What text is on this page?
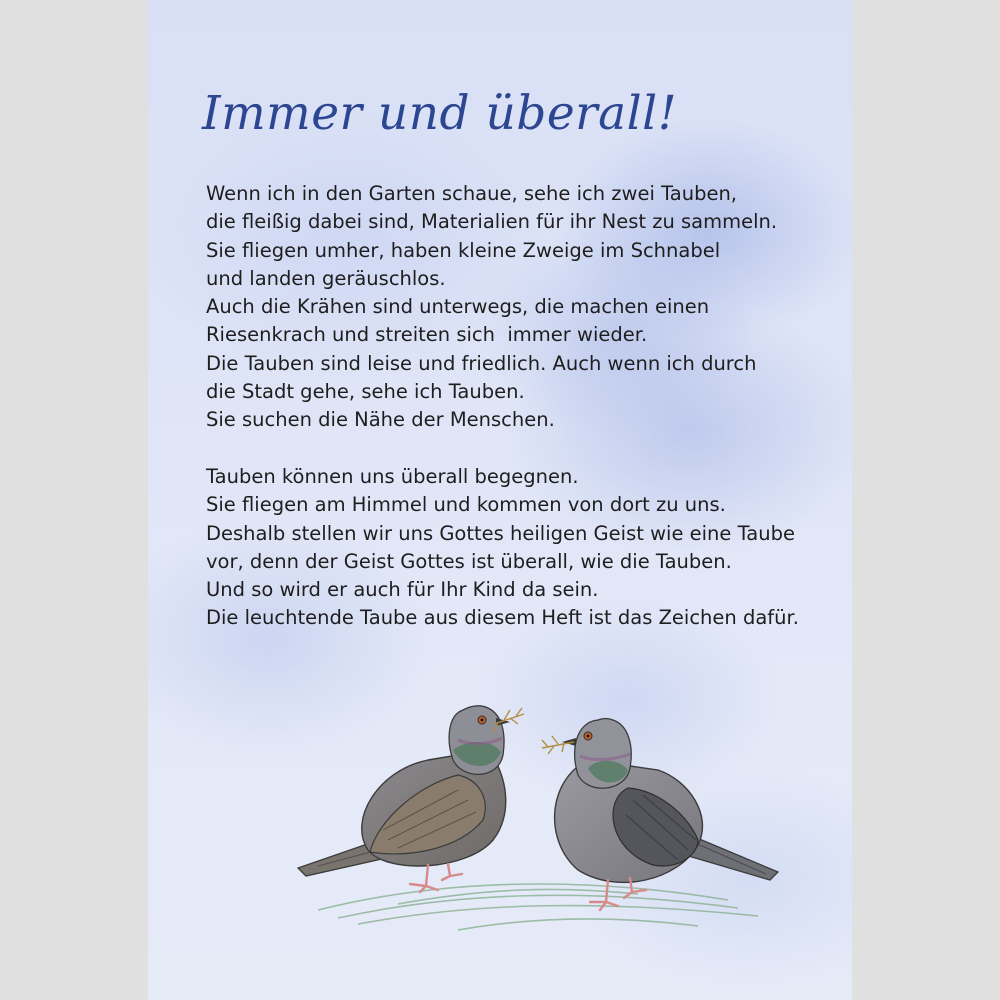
Immer und überall!

Wenn ich in den Garten schaue, sehe ich zwei Tauben,
die fleißig dabei sind, Materialien für ihr Nest zu sammeln.
Sie fliegen umher, haben kleine Zweige im Schnabel
und landen geräuschlos.
Auch die Krähen sind unterwegs, die machen einen
Riesenkrach und streiten sich  immer wieder.
Die Tauben sind leise und friedlich. Auch wenn ich durch
die Stadt gehe, sehe ich Tauben.
Sie suchen die Nähe der Menschen.

Tauben können uns überall begegnen.
Sie fliegen am Himmel und kommen von dort zu uns.
Deshalb stellen wir uns Gottes heiligen Geist wie eine Taube
vor, denn der Geist Gottes ist überall, wie die Tauben.
Und so wird er auch für Ihr Kind da sein.
Die leuchtende Taube aus diesem Heft ist das Zeichen dafür.
